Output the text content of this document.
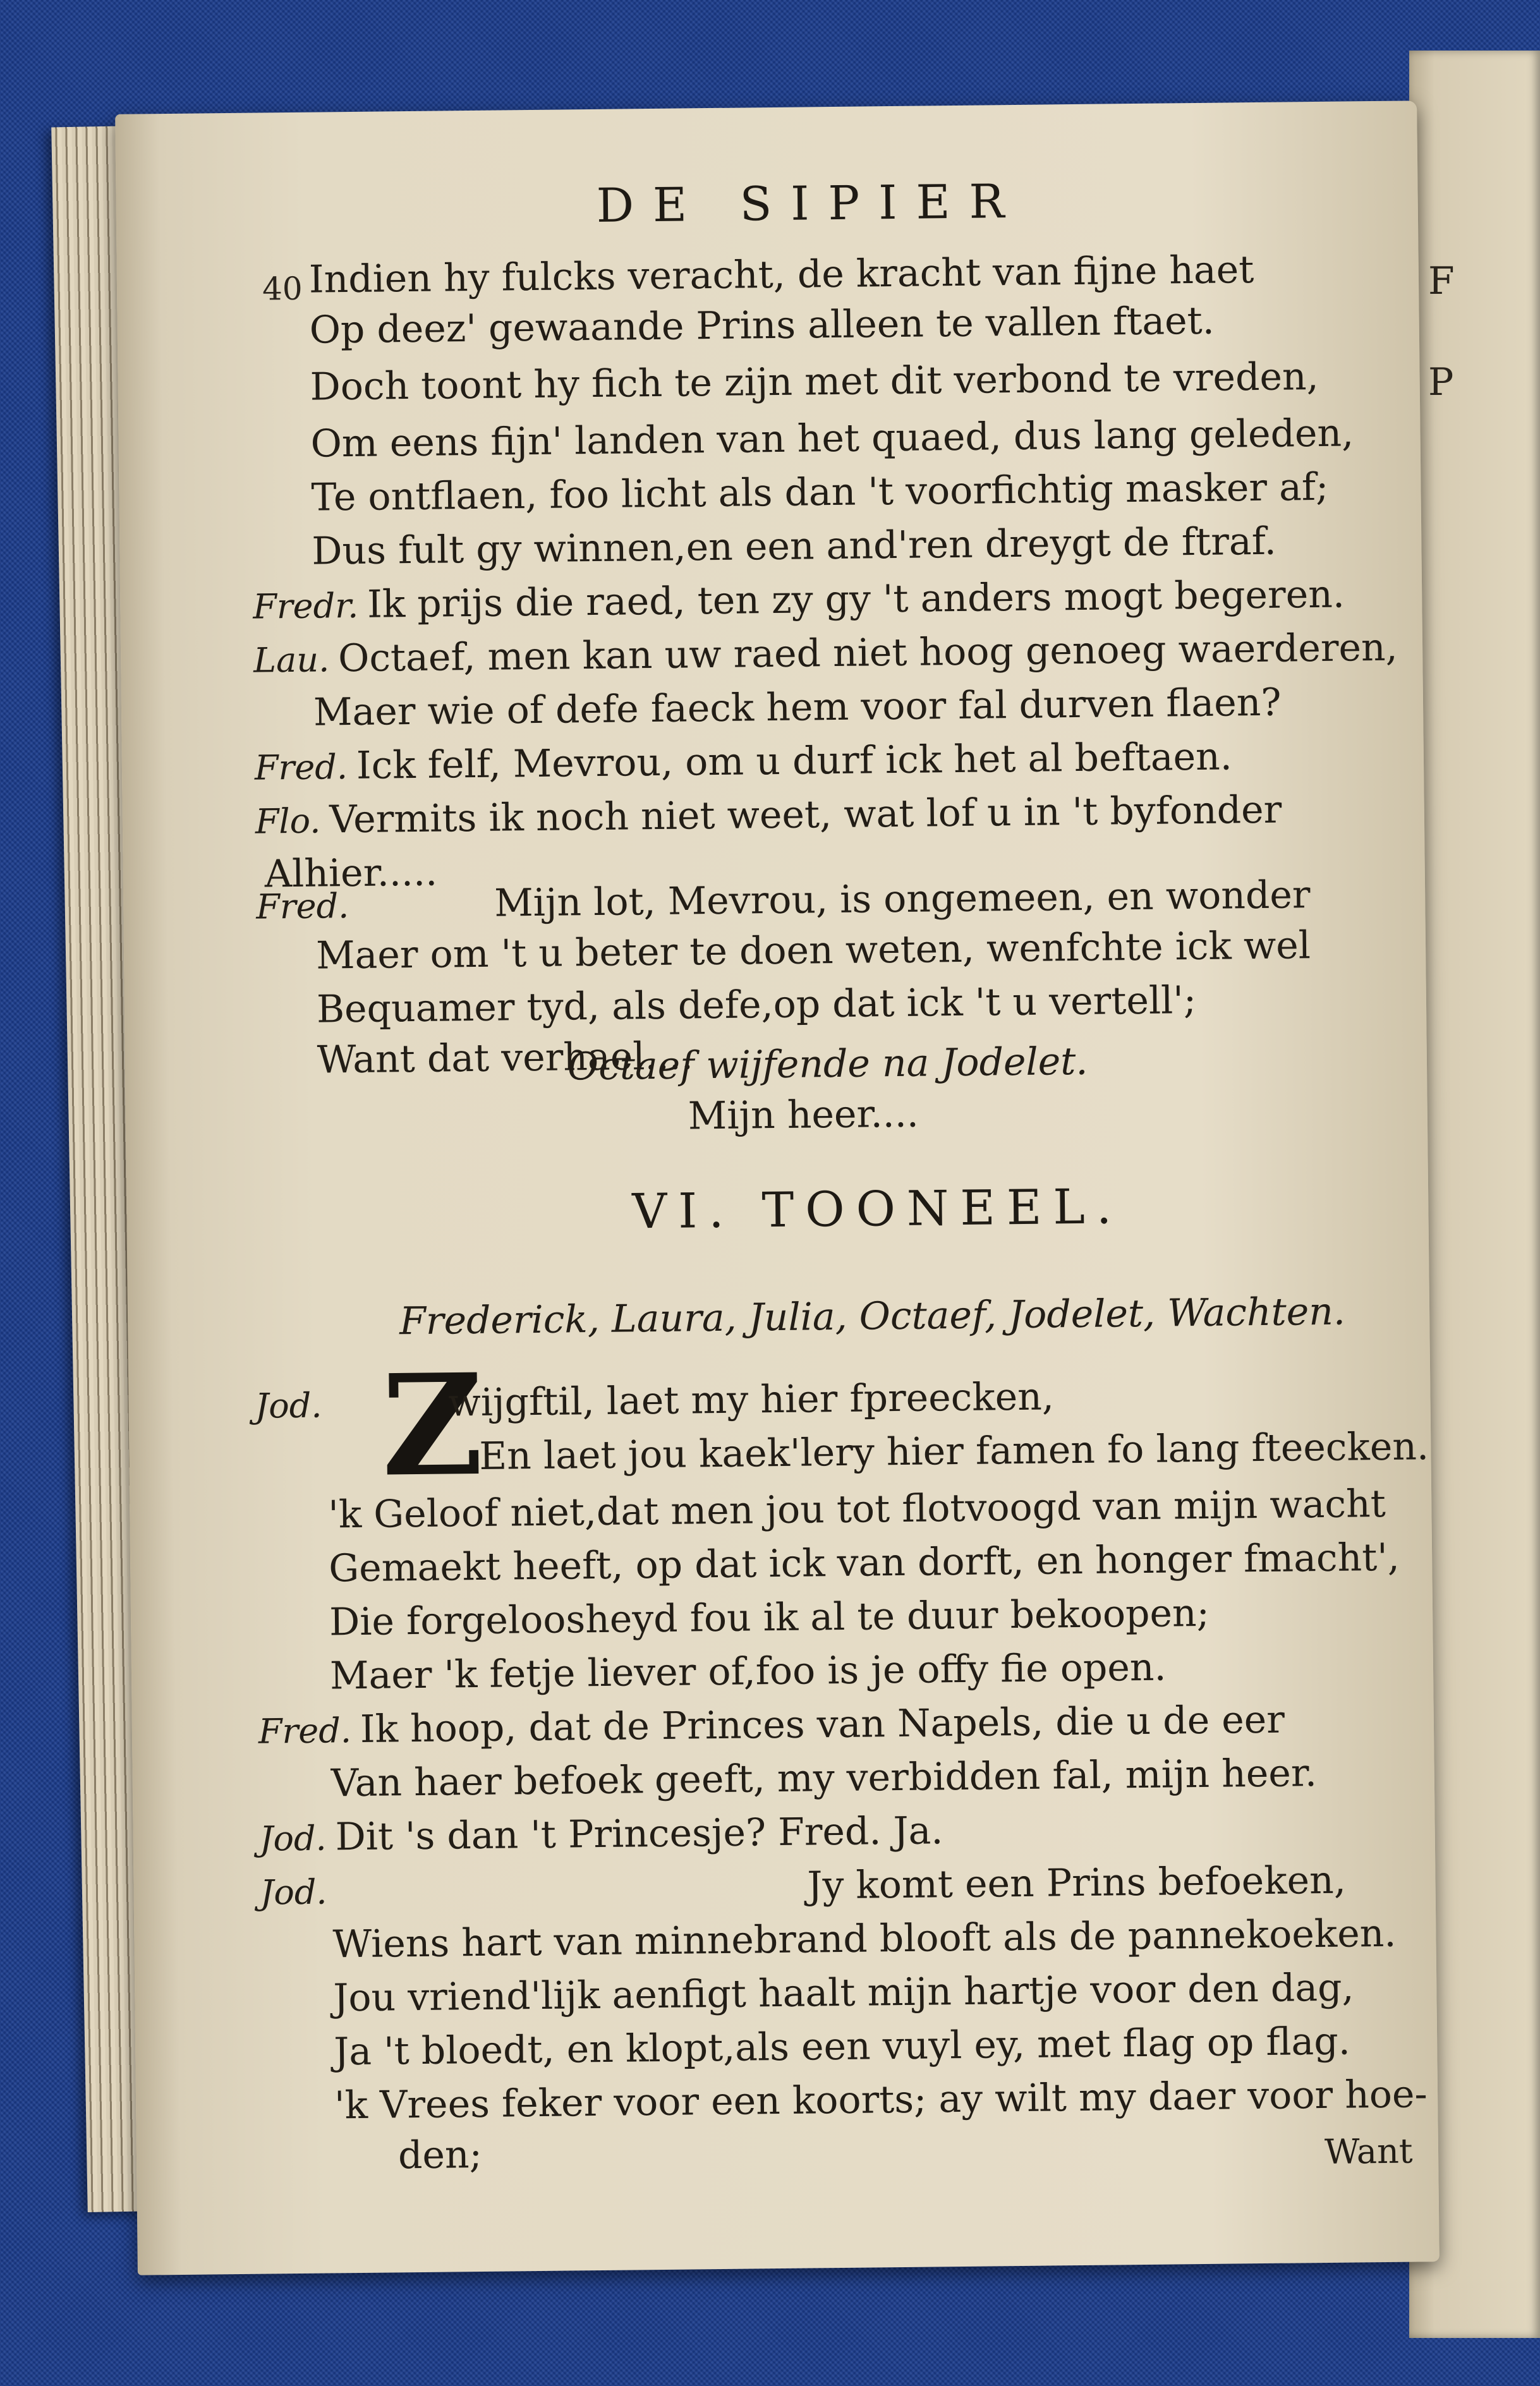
F
P
40
DE SIPIER
Indien hy fulcks veracht, de kracht van fijne haet
Op deez' gewaande Prins alleen te vallen ftaet.
Doch toont hy fich te zijn met dit verbond te vreden,
Om eens fijn' landen van het quaed, dus lang geleden,
Te ontflaen, foo licht als dan 't voorfichtig masker af;
Dus fult gy winnen,en een and'ren dreygt de ftraf.
Fredr. Ik prijs die raed, ten zy gy 't anders mogt begeren.
Lau. Octaef, men kan uw raed niet hoog genoeg waerderen,
Maer wie of defe faeck hem voor fal durven flaen?
Fred. Ick felf, Mevrou, om u durf ick het al beftaen.
Flo. Vermits ik noch niet weet, wat lof u in 't byfonder
Alhier.....
Fred.	Mijn lot, Mevrou, is ongemeen, en wonder
Maer om 't u beter te doen weten, wenfchte ick wel
Bequamer tyd, als defe,op dat ick 't u vertell';
Want dat verhael....
Octaef wijfende na Jodelet.
Mijn heer....
VI. TOONEEL.
Frederick, Laura, Julia, Octaef, Jodelet, Wachten.
Z
Jod.	wijgftil, laet my hier fpreecken,
En laet jou kaek'lery hier famen fo lang fteecken.
'k Geloof niet,dat men jou tot flotvoogd van mijn wacht
Gemaekt heeft, op dat ick van dorft, en honger fmacht',
Die forgeloosheyd fou ik al te duur bekoopen;
Maer 'k fetje liever of,foo is je offy fie open.
Fred. Ik hoop, dat de Princes van Napels, die u de eer
Van haer befoek geeft, my verbidden fal, mijn heer.
Jod. Dit 's dan 't Princesje? Fred. Ja.
Jod.	Jy komt een Prins befoeken,
Wiens hart van minnebrand blooft als de pannekoeken.
Jou vriend'lijk aenfigt haalt mijn hartje voor den dag,
Ja 't bloedt, en klopt,als een vuyl ey, met flag op flag.
'k Vrees feker voor een koorts; ay wilt my daer voor hoe-
den;	Want
